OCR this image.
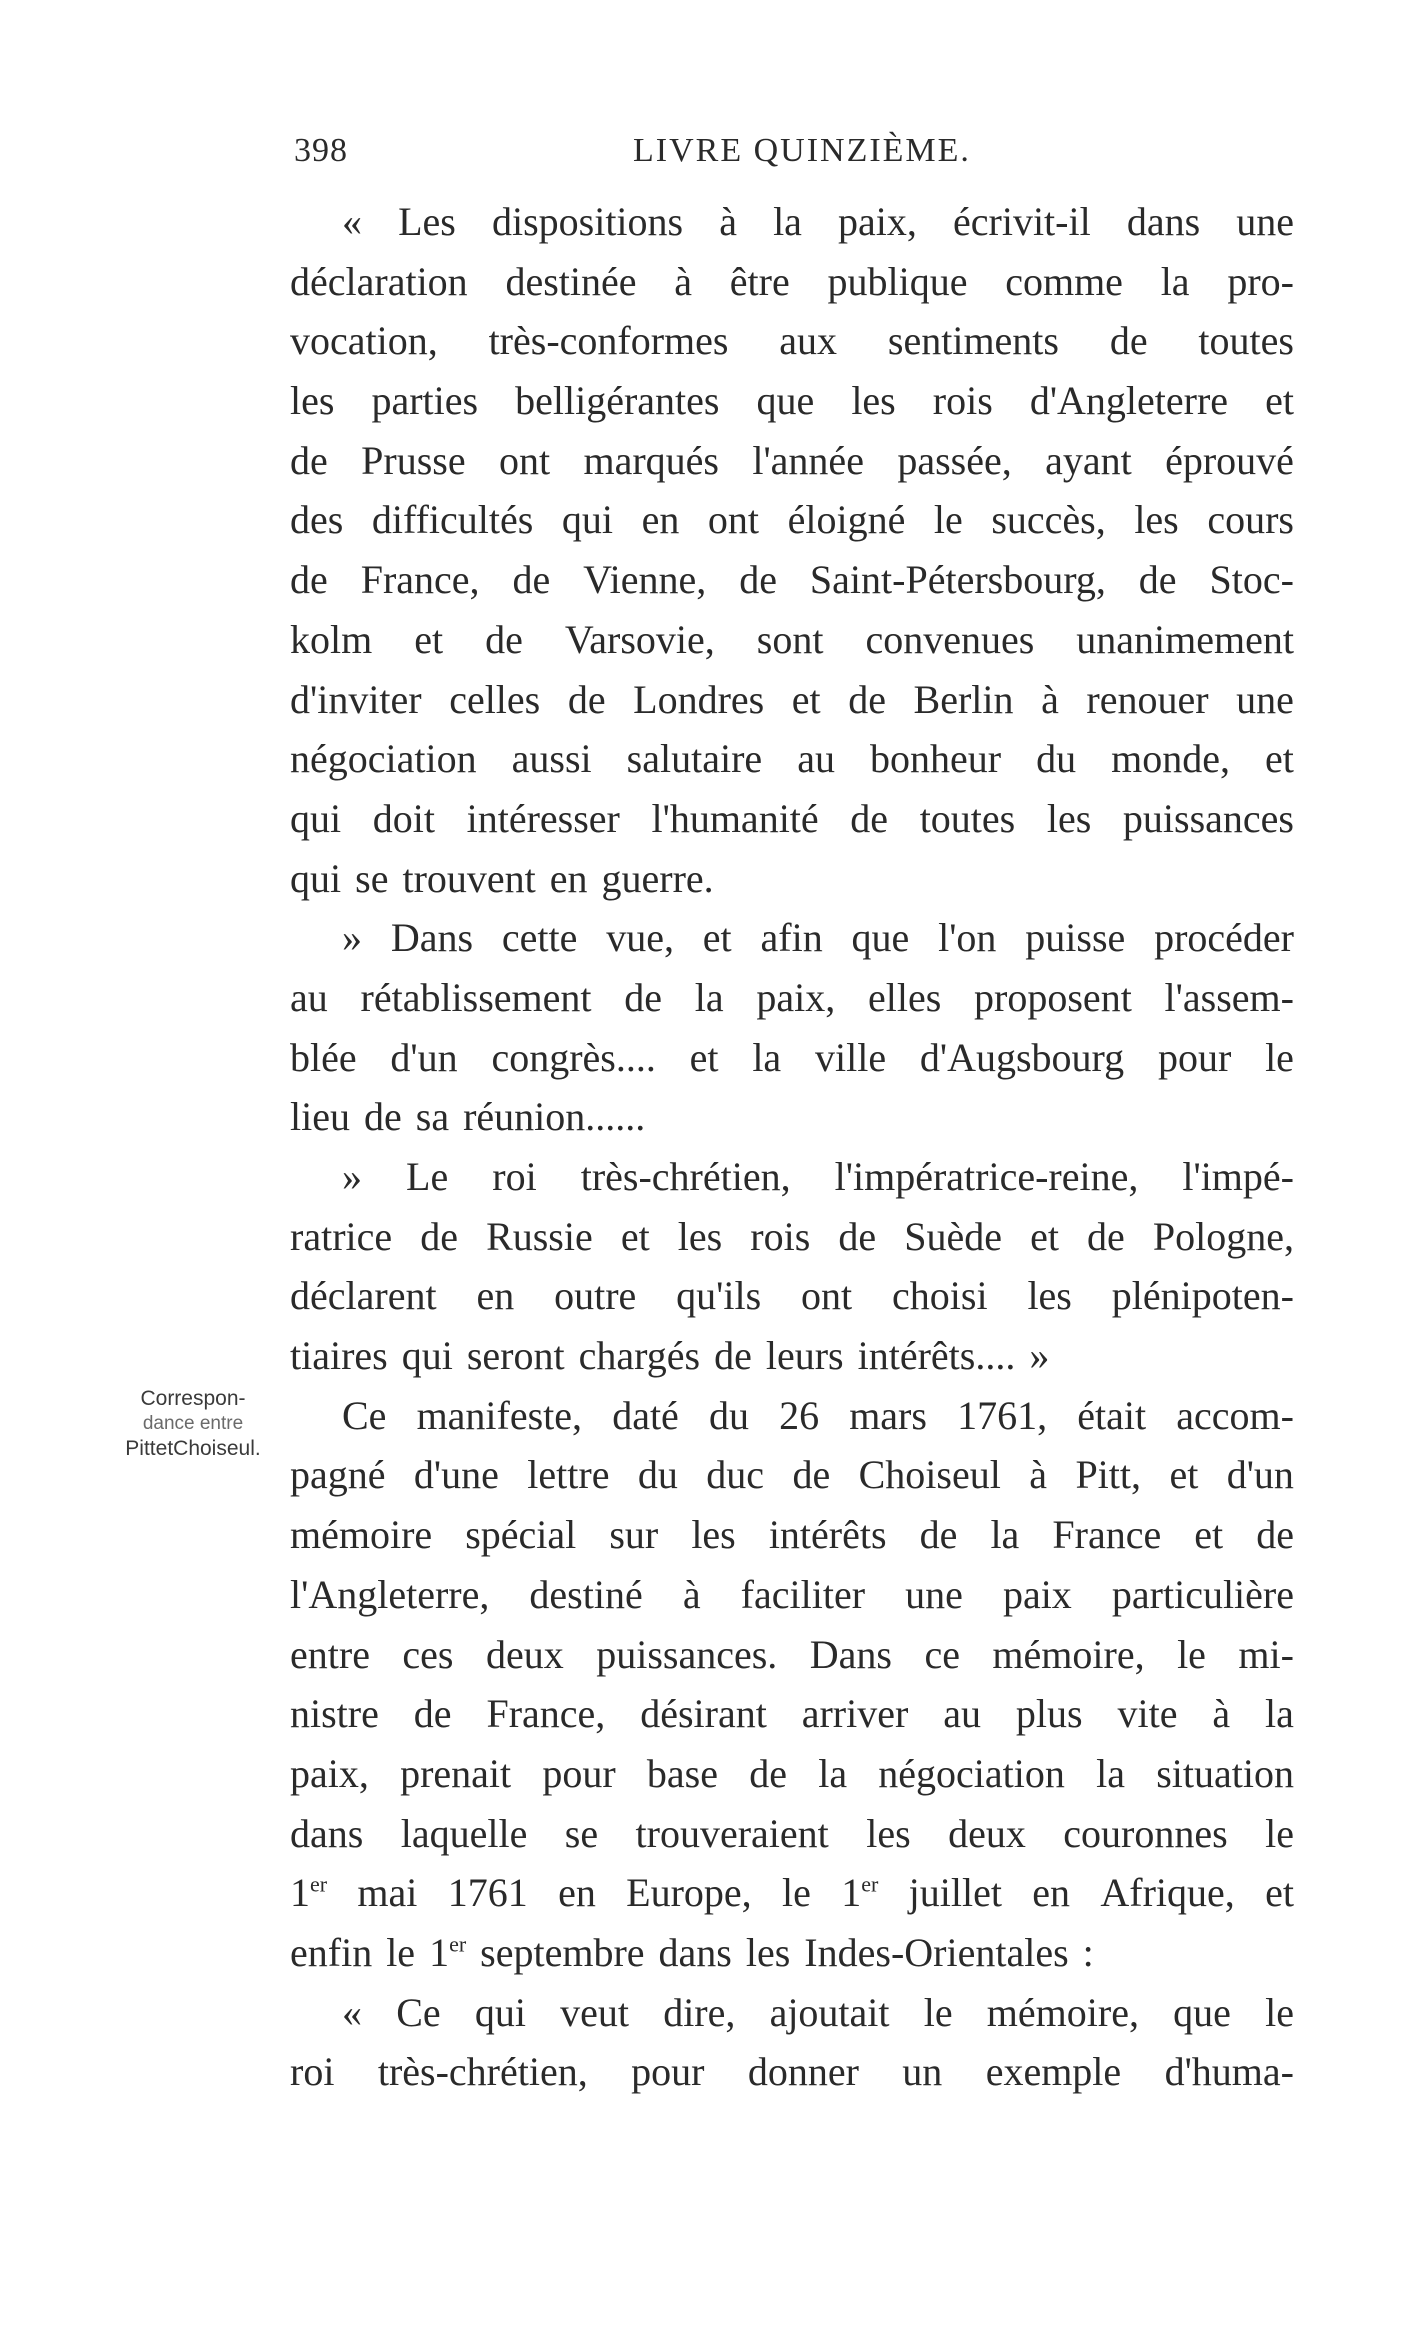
398	LIVRE QUINZIÈME.
Correspon-
dance entre
PittetChoiseul.
« Les dispositions à la paix, écrivit-il dans une
déclaration destinée à être publique comme la pro-
vocation, très-conformes aux sentiments de toutes
les parties belligérantes que les rois d'Angleterre et
de Prusse ont marqués l'année passée, ayant éprouvé
des difficultés qui en ont éloigné le succès, les cours
de France, de Vienne, de Saint-Pétersbourg, de Stoc-
kolm et de Varsovie, sont convenues unanimement
d'inviter celles de Londres et de Berlin à renouer une
négociation aussi salutaire au bonheur du monde, et
qui doit intéresser l'humanité de toutes les puissances
qui se trouvent en guerre.
» Dans cette vue, et afin que l'on puisse procéder
au rétablissement de la paix, elles proposent l'assem-
blée d'un congrès.... et la ville d'Augsbourg pour le
lieu de sa réunion......
» Le roi très-chrétien, l'impératrice-reine, l'impé-
ratrice de Russie et les rois de Suède et de Pologne,
déclarent en outre qu'ils ont choisi les plénipoten-
tiaires qui seront chargés de leurs intérêts.... »
Ce manifeste, daté du 26 mars 1761, était accom-
pagné d'une lettre du duc de Choiseul à Pitt, et d'un
mémoire spécial sur les intérêts de la France et de
l'Angleterre, destiné à faciliter une paix particulière
entre ces deux puissances. Dans ce mémoire, le mi-
nistre de France, désirant arriver au plus vite à la
paix, prenait pour base de la négociation la situation
dans laquelle se trouveraient les deux couronnes le
1er mai 1761 en Europe, le 1er juillet en Afrique, et
enfin le 1er septembre dans les Indes-Orientales :
« Ce qui veut dire, ajoutait le mémoire, que le
roi très-chrétien, pour donner un exemple d'huma-
